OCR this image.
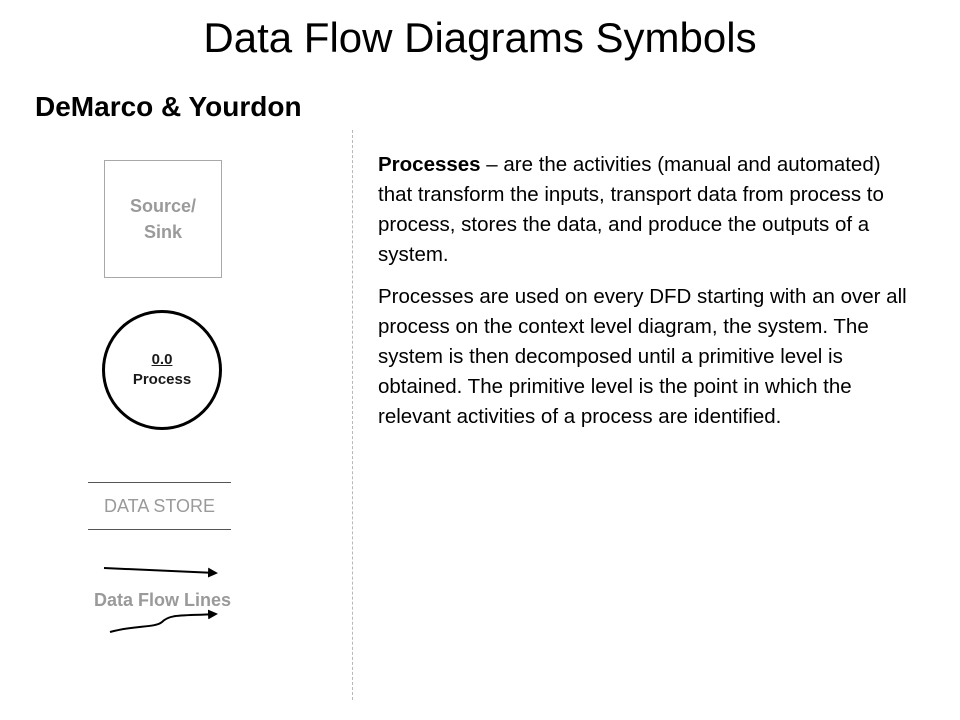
Data Flow Diagrams Symbols
DeMarco & Yourdon
Source/
Sink
0.0
Process
DATA STORE
Data Flow Lines

Processes – are the activities (manual and automated) that transform the inputs, transport data from process to process, stores the data, and produce the outputs of a system.

Processes are used on every DFD starting with an over all process on the context level diagram, the system. The system is then decomposed until a primitive level is obtained. The primitive level is the point in which the relevant activities of a process are identified.
